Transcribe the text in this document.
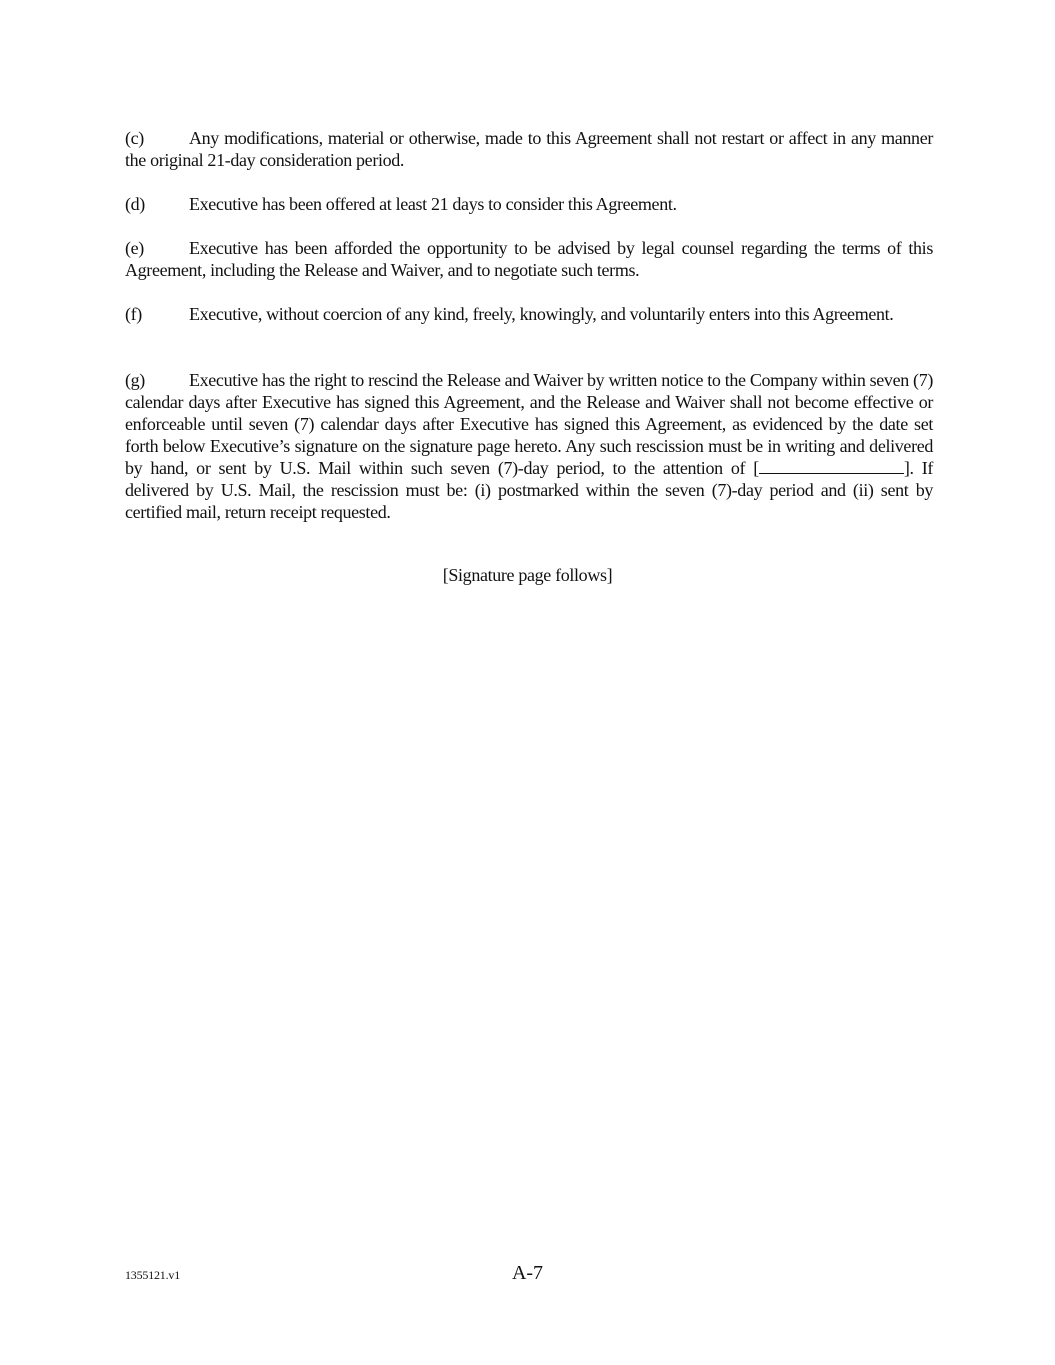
(c)	Any modifications, material or otherwise, made to this Agreement shall not restart or affect in any manner the original 21-day consideration period.
(d) Executive has been offered at least 21 days to consider this Agreement.
(e)	Executive has been afforded the opportunity to be advised by legal counsel regarding the terms of this Agreement, including the Release and Waiver, and to negotiate such terms.
(f)	Executive, without coercion of any kind, freely, knowingly, and voluntarily enters into this Agreement.
(g) Executive has the right to rescind the Release and Waiver by written notice to the Company within seven (7) calendar days after Executive has signed this Agreement, and the Release and Waiver shall not become effective or enforceable until seven (7) calendar days after Executive has signed this Agreement, as evidenced by the date set forth below Executive’s signature on the signature page hereto. Any such rescission must be in writing and delivered by hand, or sent by U.S. Mail within such seven (7)-day period, to the attention of [	]. If delivered by U.S. Mail, the rescission must be: (i) postmarked within the seven (7)-day period and (ii) sent by certified mail, return receipt requested.
[Signature page follows]
1355121.v1	A-7
